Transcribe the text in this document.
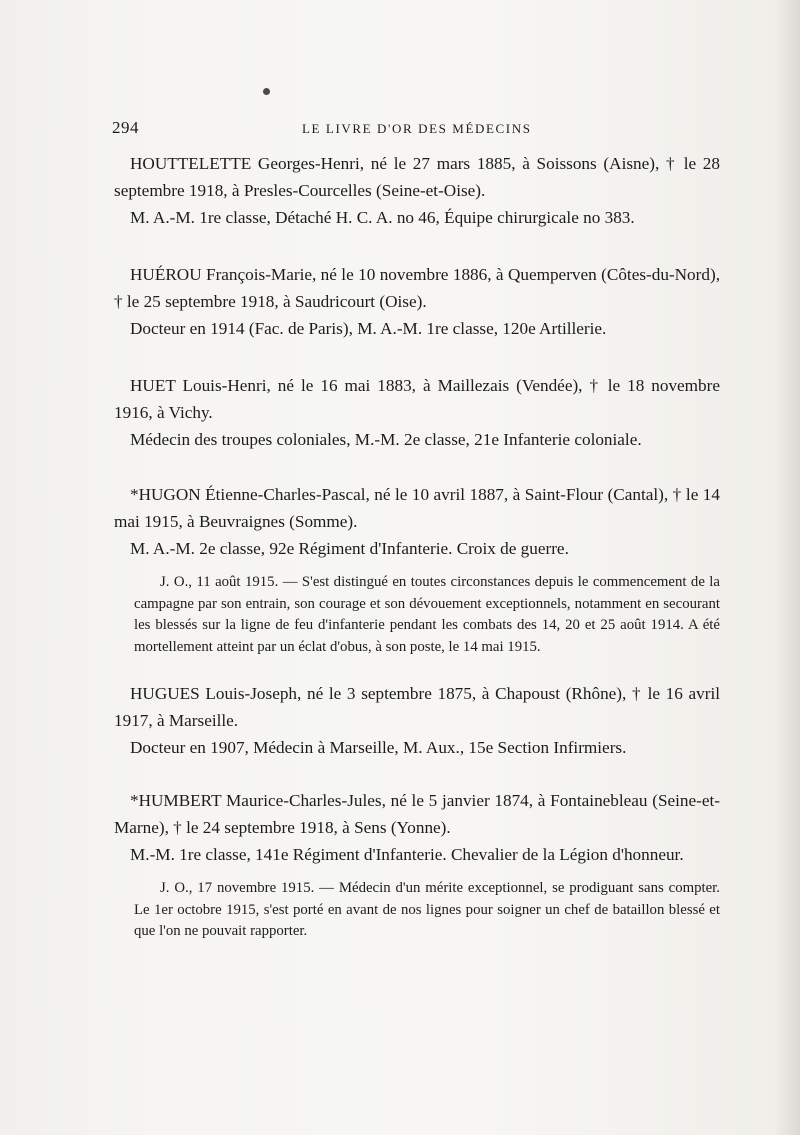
294	LE LIVRE D'OR DES MÉDECINS

HOUTTELETTE Georges-Henri, né le 27 mars 1885, à Soissons (Aisne), † le 28 septembre 1918, à Presles-Courcelles (Seine-et-Oise).

M. A.-M. 1re classe, Détaché H. C. A. no 46, Équipe chirurgicale no 383.

HUÉROU François-Marie, né le 10 novembre 1886, à Quemperven (Côtes-du-Nord), † le 25 septembre 1918, à Saudricourt (Oise).

Docteur en 1914 (Fac. de Paris), M. A.-M. 1re classe, 120e Artillerie.

HUET Louis-Henri, né le 16 mai 1883, à Maillezais (Vendée), † le 18 novembre 1916, à Vichy.

Médecin des troupes coloniales, M.-M. 2e classe, 21e Infanterie coloniale.

*HUGON Étienne-Charles-Pascal, né le 10 avril 1887, à Saint-Flour (Cantal), † le 14 mai 1915, à Beuvraignes (Somme).

M. A.-M. 2e classe, 92e Régiment d'Infanterie. Croix de guerre.

J. O., 11 août 1915. — S'est distingué en toutes circonstances depuis le commencement de la campagne par son entrain, son courage et son dévouement exceptionnels, notamment en secourant les blessés sur la ligne de feu d'infanterie pendant les combats des 14, 20 et 25 août 1914. A été mortellement atteint par un éclat d'obus, à son poste, le 14 mai 1915.

HUGUES Louis-Joseph, né le 3 septembre 1875, à Chapoust (Rhône), † le 16 avril 1917, à Marseille.

Docteur en 1907, Médecin à Marseille, M. Aux., 15e Section Infirmiers.

*HUMBERT Maurice-Charles-Jules, né le 5 janvier 1874, à Fontainebleau (Seine-et-Marne), † le 24 septembre 1918, à Sens (Yonne).

M.-M. 1re classe, 141e Régiment d'Infanterie. Chevalier de la Légion d'honneur.

J. O., 17 novembre 1915. — Médecin d'un mérite exceptionnel, se prodiguant sans compter. Le 1er octobre 1915, s'est porté en avant de nos lignes pour soigner un chef de bataillon blessé et que l'on ne pouvait rapporter.
